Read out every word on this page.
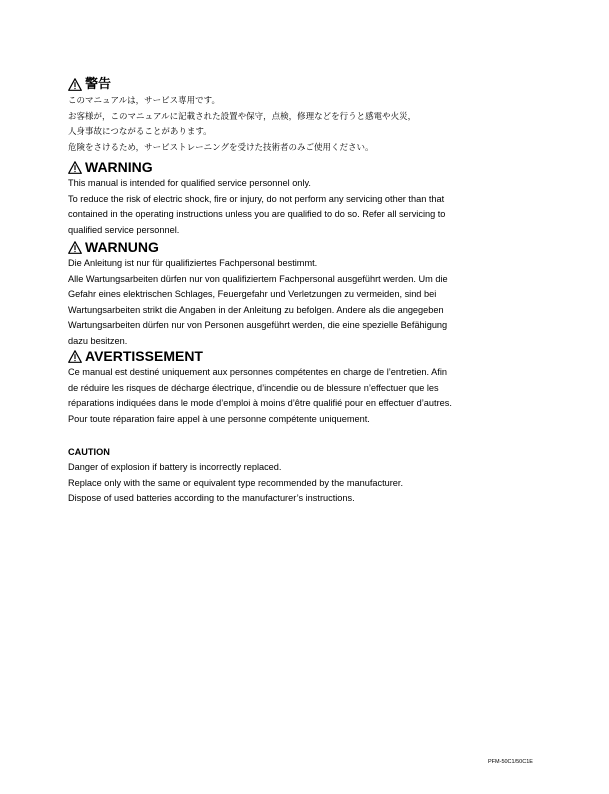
警告
このマニュアルは，サービス専用です。
お客様が，このマニュアルに記載された設置や保守，点検，修理などを行うと感電や火災，
人身事故につながることがあります。
危険をさけるため，サービストレーニングを受けた技術者のみご使用ください。
WARNING
This manual is intended for qualified service personnel only.
To reduce the risk of electric shock, fire or injury, do not perform any servicing other than that
contained in the operating instructions unless you are qualified to do so. Refer all servicing to
qualified service personnel.
WARNUNG
Die Anleitung ist nur für qualifiziertes Fachpersonal bestimmt.
Alle Wartungsarbeiten dürfen nur von qualifiziertem Fachpersonal ausgeführt werden. Um die
Gefahr eines elektrischen Schlages, Feuergefahr und Verletzungen zu vermeiden, sind bei
Wartungsarbeiten strikt die Angaben in der Anleitung zu befolgen. Andere als die angegeben
Wartungsarbeiten dürfen nur von Personen ausgeführt werden, die eine spezielle Befähigung
dazu besitzen.
AVERTISSEMENT
Ce manual est destiné uniquement aux personnes compétentes en charge de l’entretien. Afin
de réduire les risques de décharge électrique, d’incendie ou de blessure n’effectuer que les
réparations indiquées dans le mode d’emploi à moins d’être qualifié pour en effectuer d’autres.
Pour toute réparation faire appel à une personne compétente uniquement.
CAUTION
Danger of explosion if battery is incorrectly replaced.
Replace only with the same or equivalent type recommended by the manufacturer.
Dispose of used batteries according to the manufacturer’s instructions.
PFM-50C1/50C1E
